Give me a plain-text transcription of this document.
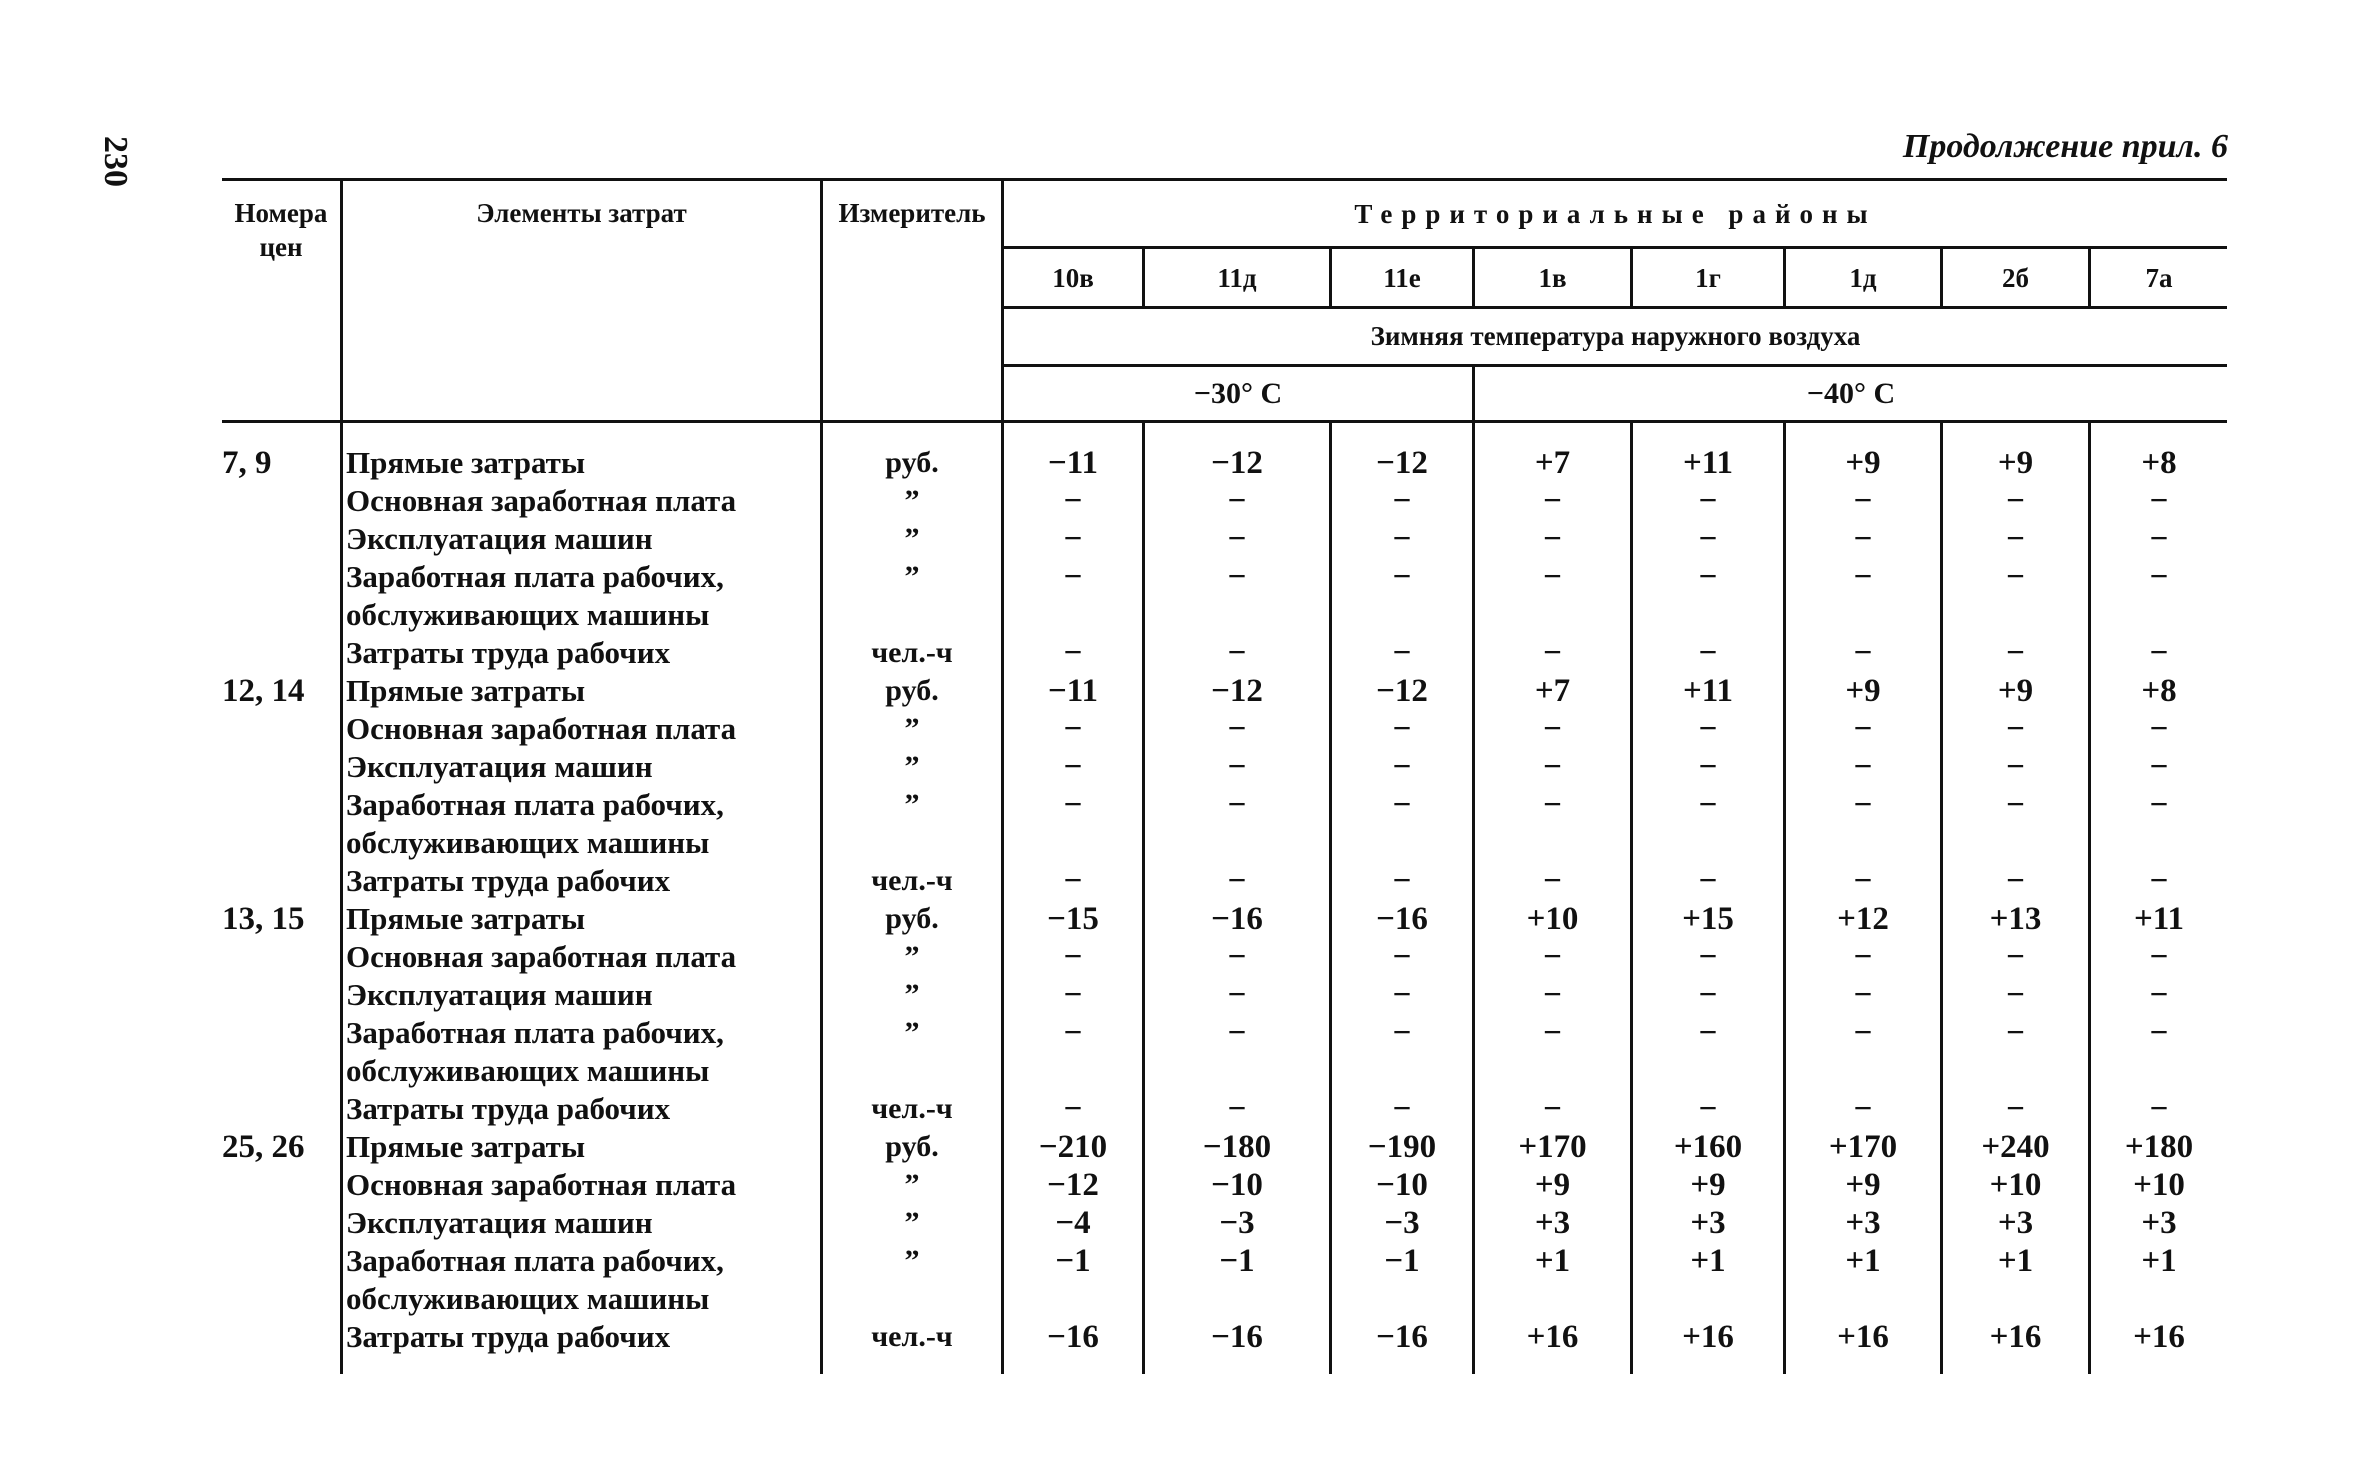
230	Продолжение прил. 6
Номера цен
Элементы затрат	Измеритель	Территориальные районы
10в	11д	11е	1в	1г	1д	2б	7а
Зимняя температура наружного воздуха
−30° С	−40° С
7, 9	Прямые затраты	руб.	−11	−12	−12	+7	+11	+9	+9	+8
Основная заработная плата	”	−	−	−	−	−	−	−	−
Эксплуатация машин	”	−	−	−	−	−	−	−	−
Заработная плата рабочих,	”	−	−	−	−	−	−	−	−
обслуживающих машины
Затраты труда рабочих	чел.-ч	−	−	−	−	−	−	−	−
12, 14	Прямые затраты	руб.	−11	−12	−12	+7	+11	+9	+9	+8
Основная заработная плата	”	−	−	−	−	−	−	−	−
Эксплуатация машин	”	−	−	−	−	−	−	−	−
Заработная плата рабочих,	”	−	−	−	−	−	−	−	−
обслуживающих машины
Затраты труда рабочих	чел.-ч	−	−	−	−	−	−	−	−
13, 15	Прямые затраты	руб.	−15	−16	−16	+10	+15	+12	+13	+11
Основная заработная плата	”	−	−	−	−	−	−	−	−
Эксплуатация машин	”	−	−	−	−	−	−	−	−
Заработная плата рабочих,	”	−	−	−	−	−	−	−	−
обслуживающих машины
Затраты труда рабочих	чел.-ч	−	−	−	−	−	−	−	−
25, 26	Прямые затраты	руб.	−210	−180	−190	+170	+160	+170	+240	+180
Основная заработная плата	”	−12	−10	−10	+9	+9	+9	+10	+10
Эксплуатация машин	”	−4	−3	−3	+3	+3	+3	+3	+3
Заработная плата рабочих,	”	−1	−1	−1	+1	+1	+1	+1	+1
обслуживающих машины
Затраты труда рабочих	чел.-ч	−16	−16	−16	+16	+16	+16	+16	+16
